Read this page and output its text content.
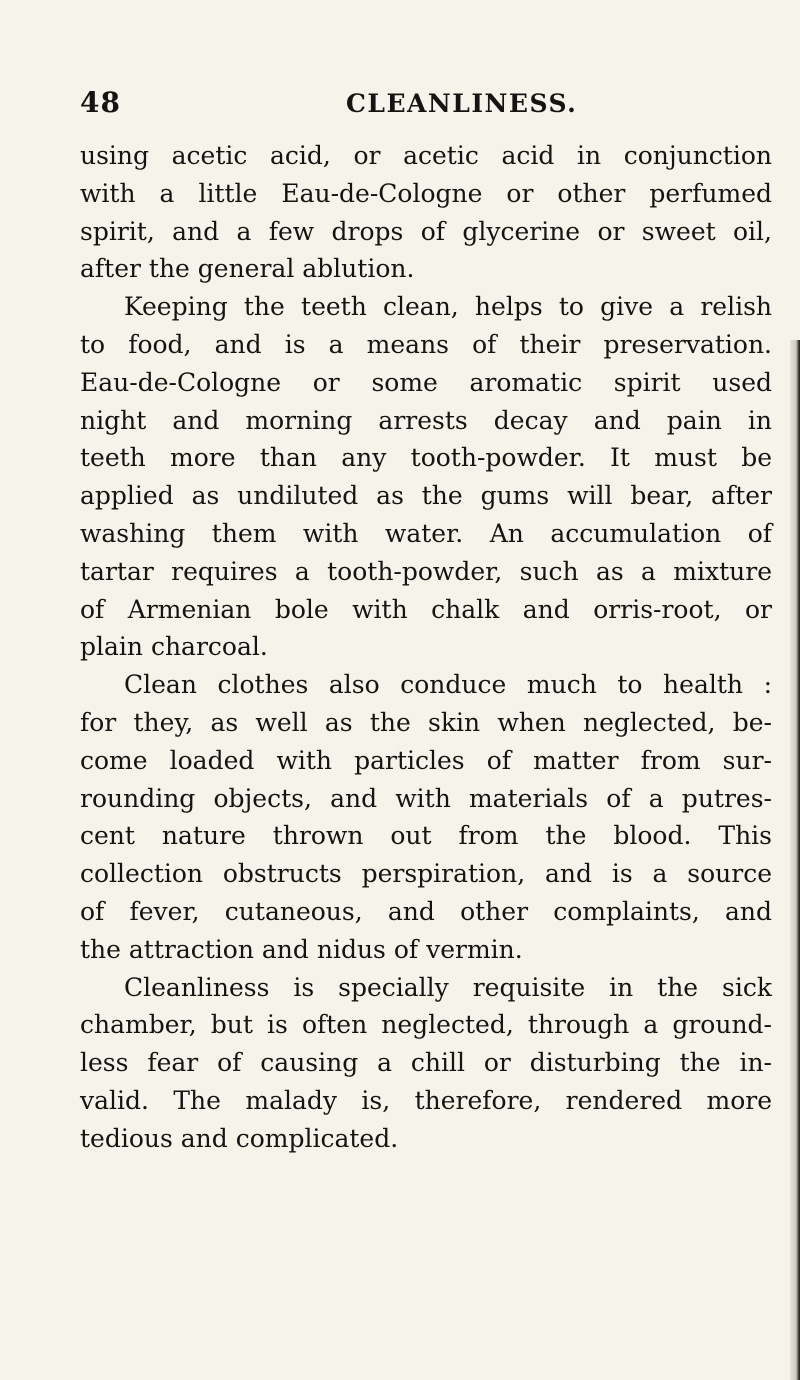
48	CLEANLINESS.
using acetic acid, or acetic acid in conjunction
with a little Eau-de-Cologne or other perfumed
spirit, and a few drops of glycerine or sweet oil,
after the general ablution.
Keeping the teeth clean, helps to give a relish
to food, and is a means of their preservation.
Eau-de-Cologne or some aromatic spirit used
night and morning arrests decay and pain in
teeth more than any tooth-powder. It must be
applied as undiluted as the gums will bear, after
washing them with water. An accumulation of
tartar requires a tooth-powder, such as a mixture
of Armenian bole with chalk and orris-root, or
plain charcoal.
Clean clothes also conduce much to health :
for they, as well as the skin when neglected, be-
come loaded with particles of matter from sur-
rounding objects, and with materials of a putres-
cent nature thrown out from the blood. This
collection obstructs perspiration, and is a source
of fever, cutaneous, and other complaints, and
the attraction and nidus of vermin.
Cleanliness is specially requisite in the sick
chamber, but is often neglected, through a ground-
less fear of causing a chill or disturbing the in-
valid. The malady is, therefore, rendered more
tedious and complicated.
